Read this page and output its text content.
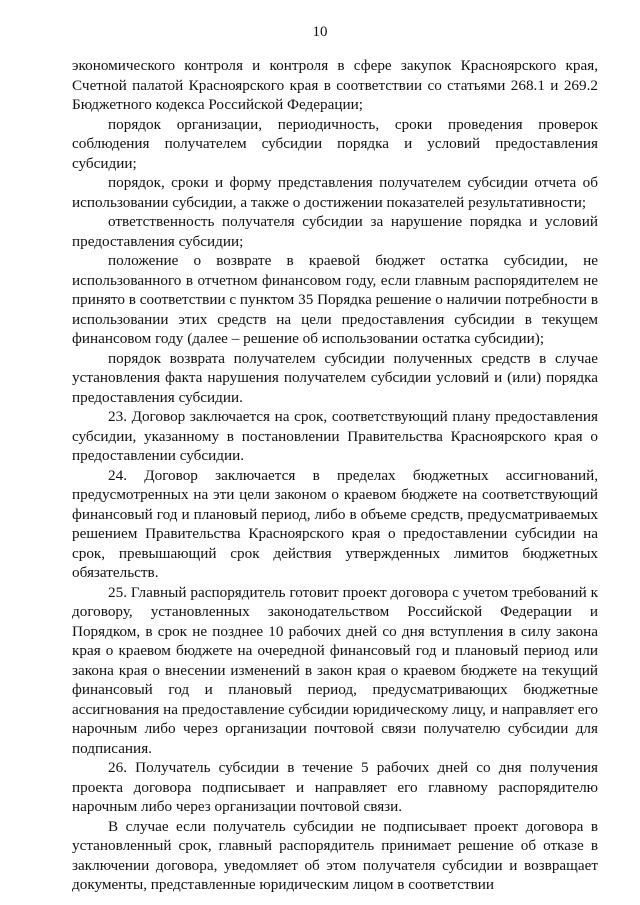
10

экономического контроля и контроля в сфере закупок Красноярского края, Счетной палатой Красноярского края в соответствии со статьями 268.1 и 269.2 Бюджетного кодекса Российской Федерации;

порядок организации, периодичность, сроки проведения проверок соблюдения получателем субсидии порядка и условий предоставления субсидии;

порядок, сроки и форму представления получателем субсидии отчета об использовании субсидии, а также о достижении показателей результативности;

ответственность получателя субсидии за нарушение порядка и условий предоставления субсидии;

положение о возврате в краевой бюджет остатка субсидии, не использованного в отчетном финансовом году, если главным распорядителем не принято в соответствии с пунктом 35 Порядка решение о наличии потребности в использовании этих средств на цели предоставления субсидии в текущем финансовом году (далее – решение об использовании остатка субсидии);

порядок возврата получателем субсидии полученных средств в случае установления факта нарушения получателем субсидии условий и (или) порядка предоставления субсидии.

23. Договор заключается на срок, соответствующий плану предоставления субсидии, указанному в постановлении Правительства Красноярского края о предоставлении субсидии.

24. Договор заключается в пределах бюджетных ассигнований, предусмотренных на эти цели законом о краевом бюджете на соответствующий финансовый год и плановый период, либо в объеме средств, предусматриваемых решением Правительства Красноярского края о предоставлении субсидии на срок, превышающий срок действия утвержденных лимитов бюджетных обязательств.

25. Главный распорядитель готовит проект договора с учетом требований к договору, установленных законодательством Российской Федерации и Порядком, в срок не позднее 10 рабочих дней со дня вступления в силу закона края о краевом бюджете на очередной финансовый год и плановый период или закона края о внесении изменений в закон края о краевом бюджете на текущий финансовый год и плановый период, предусматривающих бюджетные ассигнования на предоставление субсидии юридическому лицу, и направляет его нарочным либо через организации почтовой связи получателю субсидии для подписания.

26. Получатель субсидии в течение 5 рабочих дней со дня получения проекта договора подписывает и направляет его главному распорядителю нарочным либо через организации почтовой связи.

В случае если получатель субсидии не подписывает проект договора в установленный срок, главный распорядитель принимает решение об отказе в заключении договора, уведомляет об этом получателя субсидии и возвращает документы, представленные юридическим лицом в соответствии
